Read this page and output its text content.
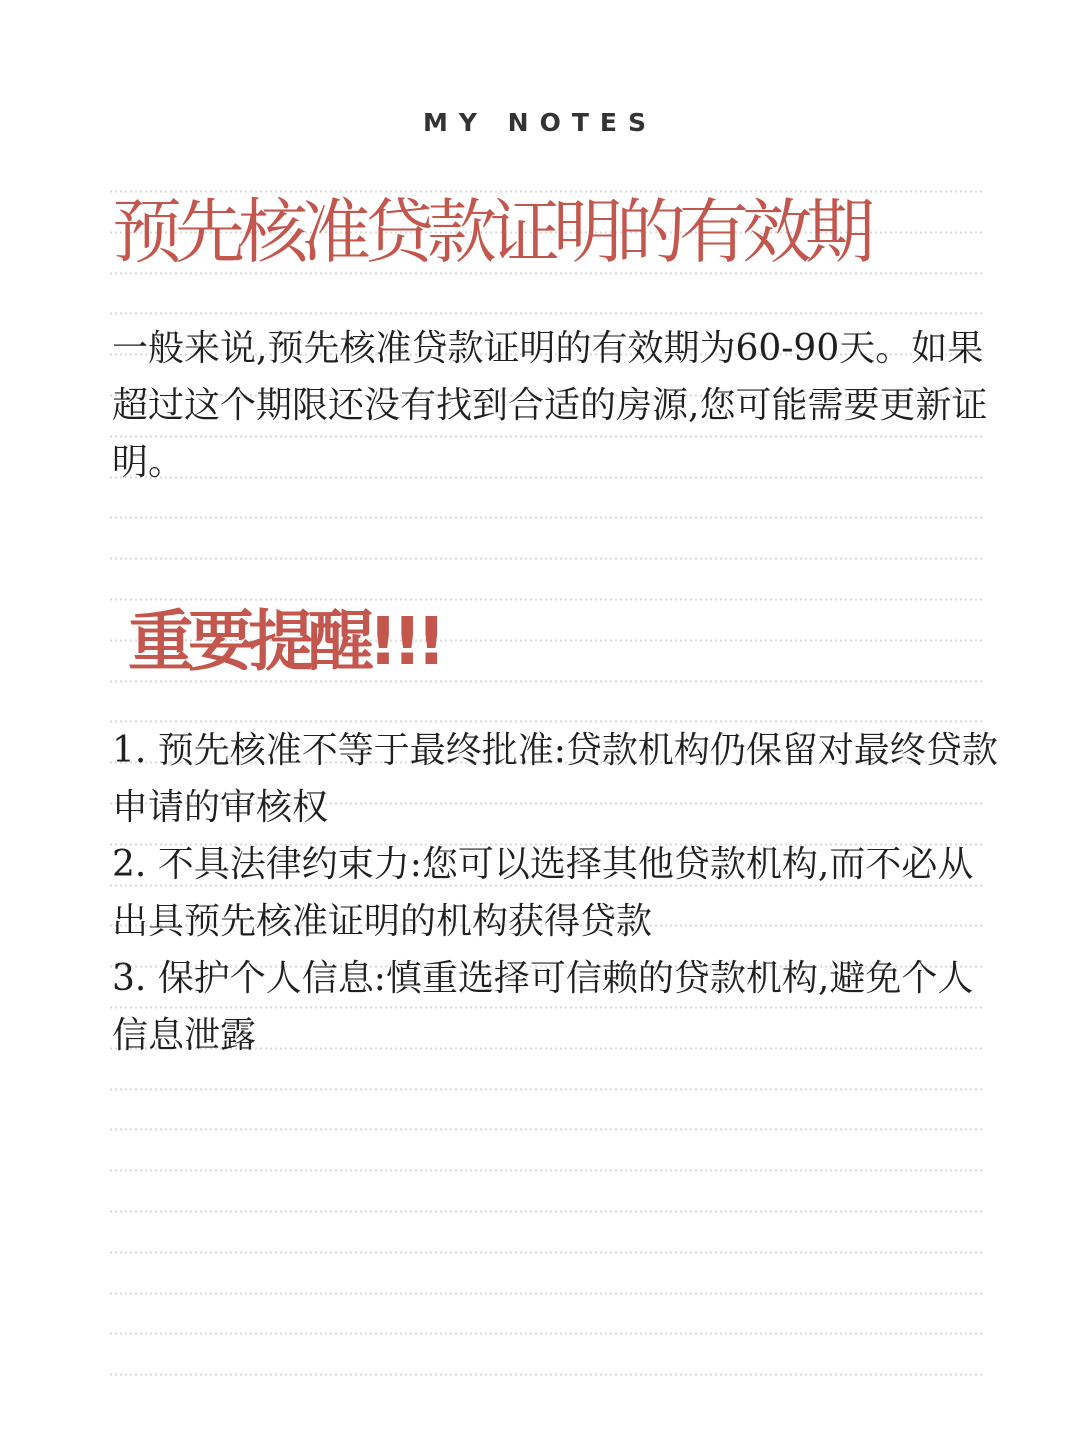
MY NOTES
预先核准贷款证明的有效期

一般来说,预先核准贷款证明的有效期为60-90天。如果超过这个期限还没有找到合适的房源,您可能需要更新证明。

重要提醒!!!
1. 预先核准不等于最终批准:贷款机构仍保留对最终贷款申请的审核权
2. 不具法律约束力:您可以选择其他贷款机构,而不必从出具预先核准证明的机构获得贷款
3. 保护个人信息:慎重选择可信赖的贷款机构,避免个人信息泄露
